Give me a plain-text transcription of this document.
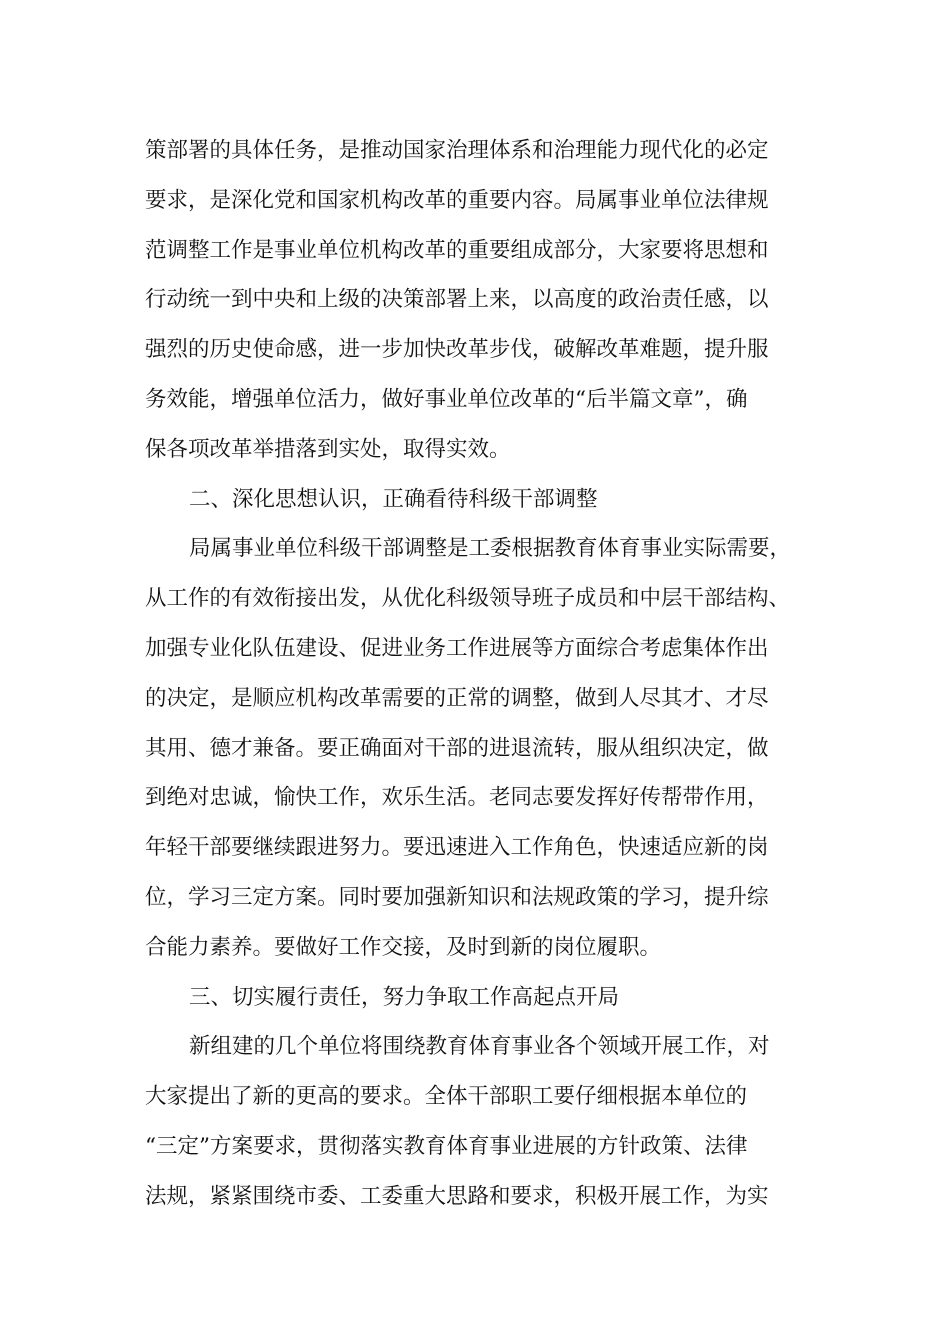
策部署的具体任务，是推动国家治理体系和治理能力现代化的必定
要求，是深化党和国家机构改革的重要内容。局属事业单位法律规
范调整工作是事业单位机构改革的重要组成部分，大家要将思想和
行动统一到中央和上级的决策部署上来，以高度的政治责任感，以
强烈的历史使命感，进一步加快改革步伐，破解改革难题，提升服
务效能，增强单位活力，做好事业单位改革的“后半篇文章”，确
保各项改革举措落到实处，取得实效。
二、深化思想认识，正确看待科级干部调整
局属事业单位科级干部调整是工委根据教育体育事业实际需要，
从工作的有效衔接出发，从优化科级领导班子成员和中层干部结构、
加强专业化队伍建设、促进业务工作进展等方面综合考虑集体作出
的决定，是顺应机构改革需要的正常的调整，做到人尽其才、才尽
其用、德才兼备。要正确面对干部的进退流转，服从组织决定，做
到绝对忠诚，愉快工作，欢乐生活。老同志要发挥好传帮带作用，
年轻干部要继续跟进努力。要迅速进入工作角色，快速适应新的岗
位，学习三定方案。同时要加强新知识和法规政策的学习，提升综
合能力素养。要做好工作交接，及时到新的岗位履职。
三、切实履行责任，努力争取工作高起点开局
新组建的几个单位将围绕教育体育事业各个领域开展工作，对
大家提出了新的更高的要求。全体干部职工要仔细根据本单位的
“三定”方案要求，贯彻落实教育体育事业进展的方针政策、法律
法规，紧紧围绕市委、工委重大思路和要求，积极开展工作，为实
